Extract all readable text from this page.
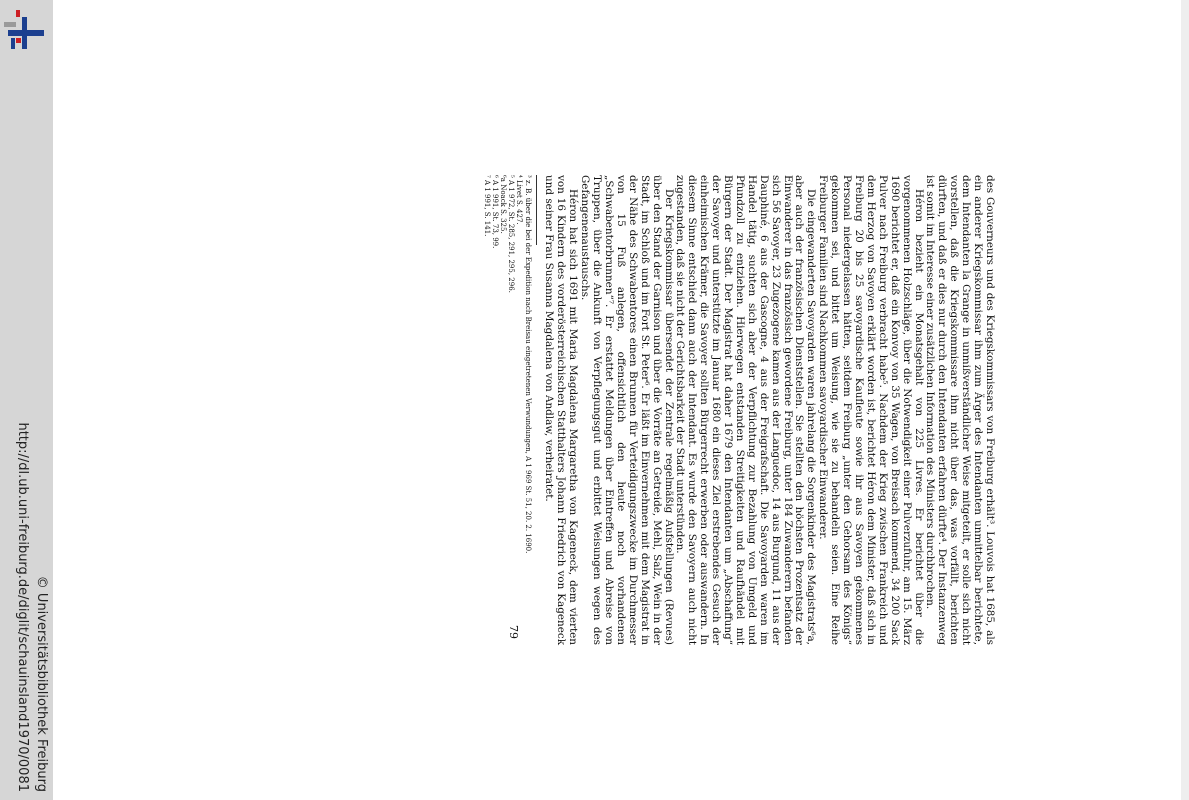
http://dl.ub.uni-freiburg.de/diglit/schauinsland1970/0081 © Universitätsbibliothek Freiburg

des Gouverneurs und des Kriegskommissars von Freiburg erhält³. Louvois hat 1685, als ein anderer Kriegskommissar ihm zum Ärger des Intendanten unmittelbar berichtete, dem Intendanten la Grange in unmißverständlicher Weise mitgeteilt, er solle sich nicht vorstellen, daß die Kriegskommissare ihm nicht über das, was vorfällt, berichten dürften, und daß er dies nur durch den Intendanten erfahren dürfte⁴. Der Instanzenweg ist somit im Interesse einer zusätzlichen Information des Ministers durchbrochen.

Héron bezieht ein Monatsgehalt von 225 Livres. Er berichtet über die vorgenommenen Holzschläge, über die Notwendigkeit einer Pulverzufuhr, am 15. März 1690 berichtet er, daß ein Konvoy von 35 Wagen, von Breisach kommend, 34 200 Sack Pulver nach Freiburg verbracht habe⁵. Nachdem der Krieg zwischen Frankreich und dem Herzog von Savoyen erklärt worden ist, berichtet Héron dem Minister, daß sich in Freiburg 20 bis 25 savoyardische Kaufleute sowie ihr aus Savoyen gekommenes Personal niedergelassen hätten, seitdem Freiburg „unter den Gehorsam des Königs“ gekommen sei, und bittet um Weisung, wie sie zu behandeln seien. Eine Reihe Freiburger Familien sind Nachkommen savoyardischer Einwanderer.

Die eingewanderten Savoyarden waren jahrelang die Sorgenkinder des Magistrats⁶a, aber auch der französischen Dienststellen. Sie stellten den höchsten Prozentsatz der Einwanderer in das französisch gewordene Freiburg, unter 184 Zuwanderern befanden sich 56 Savoyer, 23 Zugezogene kamen aus der Languedoc, 14 aus Burgund, 11 aus der Dauphiné, 6 aus der Gascogne, 4 aus der Freigrafschaft. Die Savoyarden waren im Handel tätig, suchten sich aber der Verpflichtung zur Bezahlung von Umgeld und Pfundzoll zu entziehen. Hierwegen entstanden Streitigkeiten und Raufhändel mit Bürgern der Stadt. Der Magistrat hat daher 1679 den Intendanten um „Abschaffung“ der Savoyer und unterstützte im Januar 1680 ein dieses Ziel erstrebendes Gesuch der einheimischen Krämer, die Savoyer sollten Bürgerrecht erwerben oder auswandern. In diesem Sinne entschied dann auch der Intendant. Es wurde den Savoyern auch nicht zugestanden, daß sie nicht der Gerichtsbarkeit der Stadt unterstünden.

Der Kriegskommissar übersendet der Zentrale regelmäßig Aufstellungen (Revues) über den Stand der Garnison und über die Vorräte an Getreide, Mehl, Salz, Wein in der Stadt, im Schloß und im Fort St. Peter⁶. Er läßt im Einvernehmen mit dem Magistrat in der Nähe des Schwabentores einen Brunnen für Verteidigungszwecke im Durchmesser von 15 Fuß anlegen, offensichtlich den heute noch vorhandenen „Schwabentorbrunnen“⁷. Er erstattet Meldungen über Eintreffen und Abreise von Truppen, über die Ankunft von Verpflegungsgut und erbittet Weisungen wegen des Gefangenenaustauschs.

Héron hat sich 1691 mit Maria Magdalena Margaretha von Kageneck, dem vierten von 16 Kindern des vorderösterreichischen Statthalters Johann Friedrich von Kageneck und seiner Frau Susanna Magdalena von Andlaw, verheiratet.

³ z. B. über die bei der Expedition nach Breisau eingetretenen Verwundungen, A 1 969 St. 51, 20. 2. 1690.

⁴ Livet S. 427.

⁵ A 1 972, St. 285, 291, 295, 296.

⁶a Noack S. 325.

⁶ A 1 991, St. 73, 99.

⁷ A 1 991, S. 141.

79
